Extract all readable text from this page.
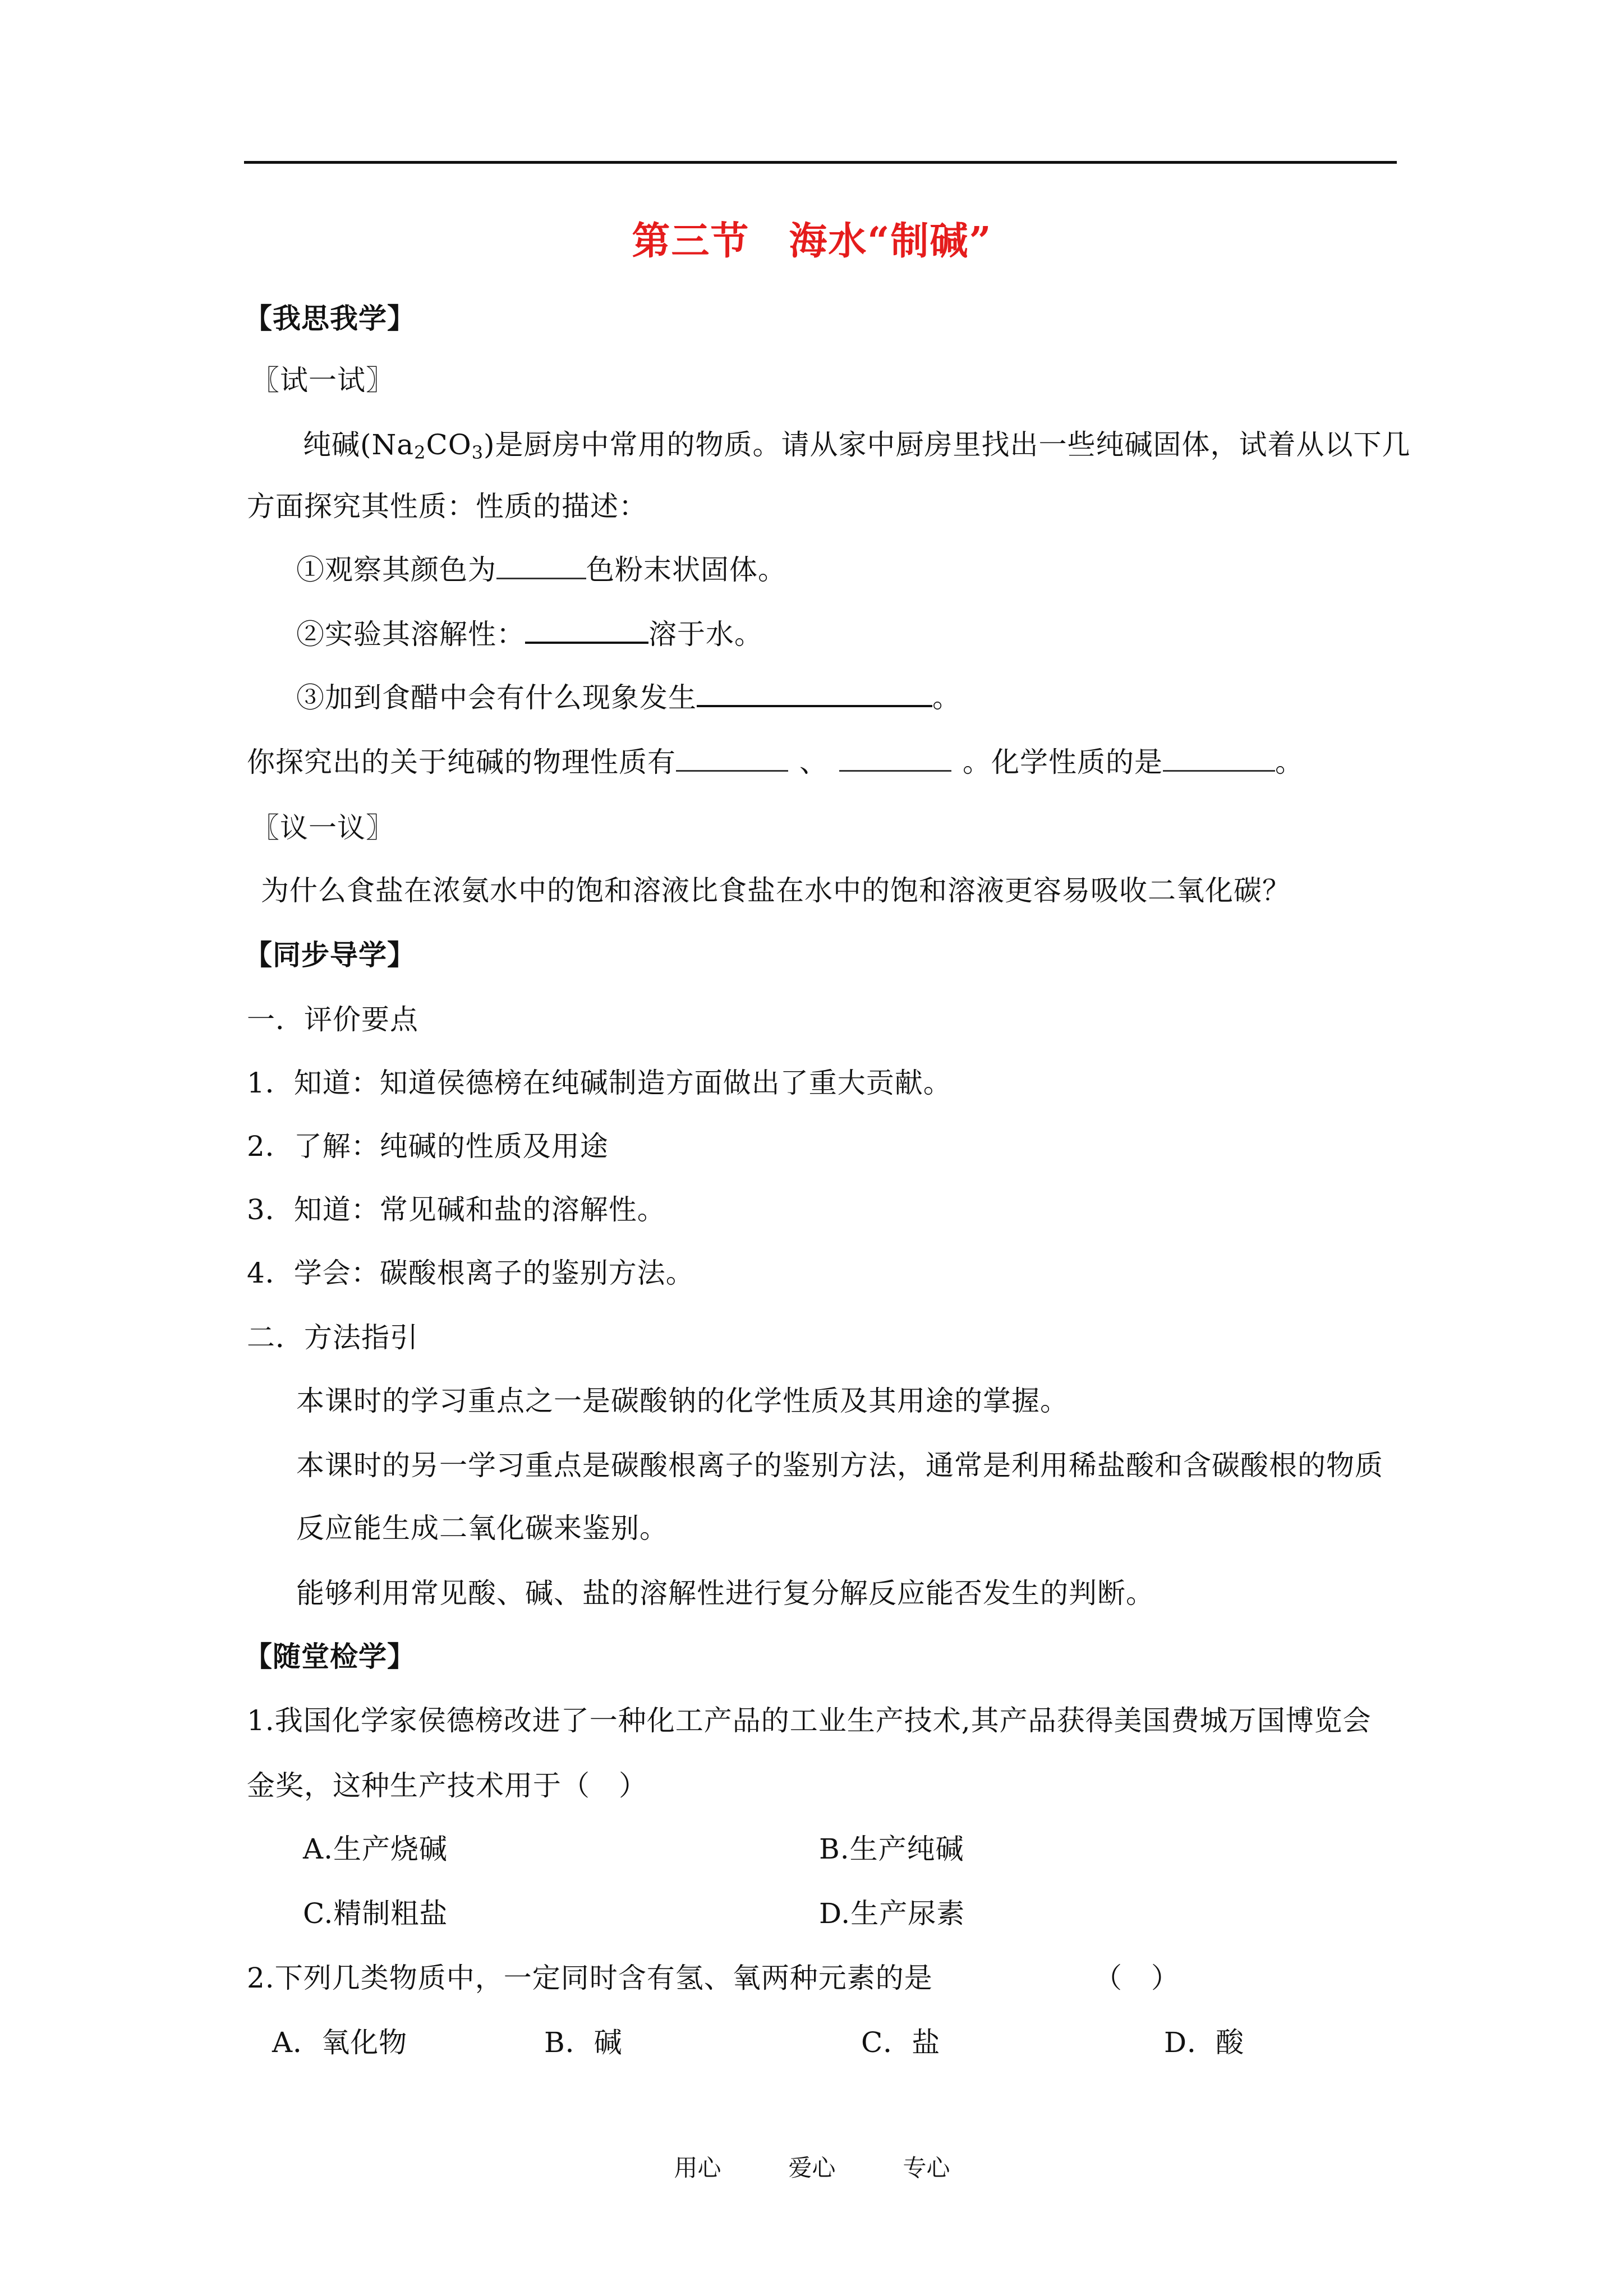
第三节　海水“制碱”
【我思我学】
〖试一试〗
纯碱$(Na_2CO_3)$是厨房中常用的物质。请从家中厨房里找出一些纯碱固体，试着从以下几
方面探究其性质：性质的描述：
①观察其颜色为	色粉末状固体。
②实验其溶解性：	溶于水。
③加到食醋中会有什么现象发生	。
你探究出的关于纯碱的物理性质有	、	。化学性质的是	。
〖议一议〗
为什么食盐在浓氨水中的饱和溶液比食盐在水中的饱和溶液更容易吸收二氧化碳？
【同步导学】
一．评价要点
1．知道：知道侯德榜在纯碱制造方面做出了重大贡献。
2．了解：纯碱的性质及用途
3．知道：常见碱和盐的溶解性。
4．学会：碳酸根离子的鉴别方法。
二．方法指引
本课时的学习重点之一是碳酸钠的化学性质及其用途的掌握。
本课时的另一学习重点是碳酸根离子的鉴别方法，通常是利用稀盐酸和含碳酸根的物质
反应能生成二氧化碳来鉴别。
能够利用常见酸、碱、盐的溶解性进行复分解反应能否发生的判断。
【随堂检学】
1.我国化学家侯德榜改进了一种化工产品的工业生产技术,其产品获得美国费城万国博览会
金奖，这种生产技术用于（　）
A.生产烧碱	B.生产纯碱
C.精制粗盐	D.生产尿素
2.下列几类物质中，一定同时含有氢、氧两种元素的是	（　）
A．氧化物	B．碱	C．盐	D．酸
用心	爱心	专心
